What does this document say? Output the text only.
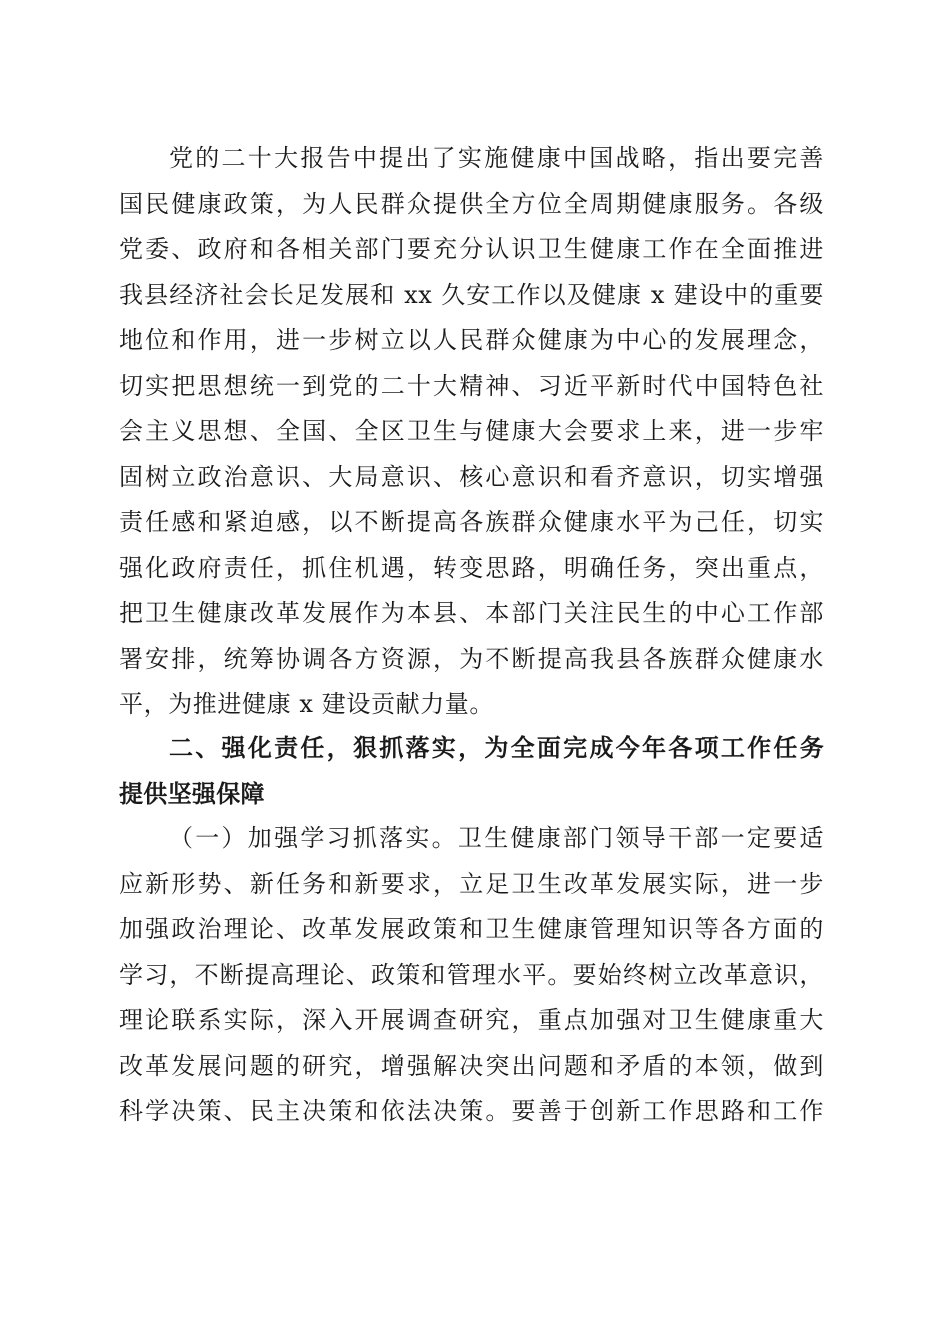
党的二十大报告中提出了实施健康中国战略，指出要完善
国民健康政策，为人民群众提供全方位全周期健康服务。各级
党委、政府和各相关部门要充分认识卫生健康工作在全面推进
我县经济社会长足发展和 xx 久安工作以及健康 x 建设中的重要
地位和作用，进一步树立以人民群众健康为中心的发展理念，
切实把思想统一到党的二十大精神、习近平新时代中国特色社
会主义思想、全国、全区卫生与健康大会要求上来，进一步牢
固树立政治意识、大局意识、核心意识和看齐意识，切实增强
责任感和紧迫感，以不断提高各族群众健康水平为己任，切实
强化政府责任，抓住机遇，转变思路，明确任务，突出重点，
把卫生健康改革发展作为本县、本部门关注民生的中心工作部
署安排，统筹协调各方资源，为不断提高我县各族群众健康水
平，为推进健康 x 建设贡献力量。
二、强化责任，狠抓落实，为全面完成今年各项工作任务
提供坚强保障
（一）加强学习抓落实。卫生健康部门领导干部一定要适
应新形势、新任务和新要求，立足卫生改革发展实际，进一步
加强政治理论、改革发展政策和卫生健康管理知识等各方面的
学习，不断提高理论、政策和管理水平。要始终树立改革意识，
理论联系实际，深入开展调查研究，重点加强对卫生健康重大
改革发展问题的研究，增强解决突出问题和矛盾的本领，做到
科学决策、民主决策和依法决策。要善于创新工作思路和工作
